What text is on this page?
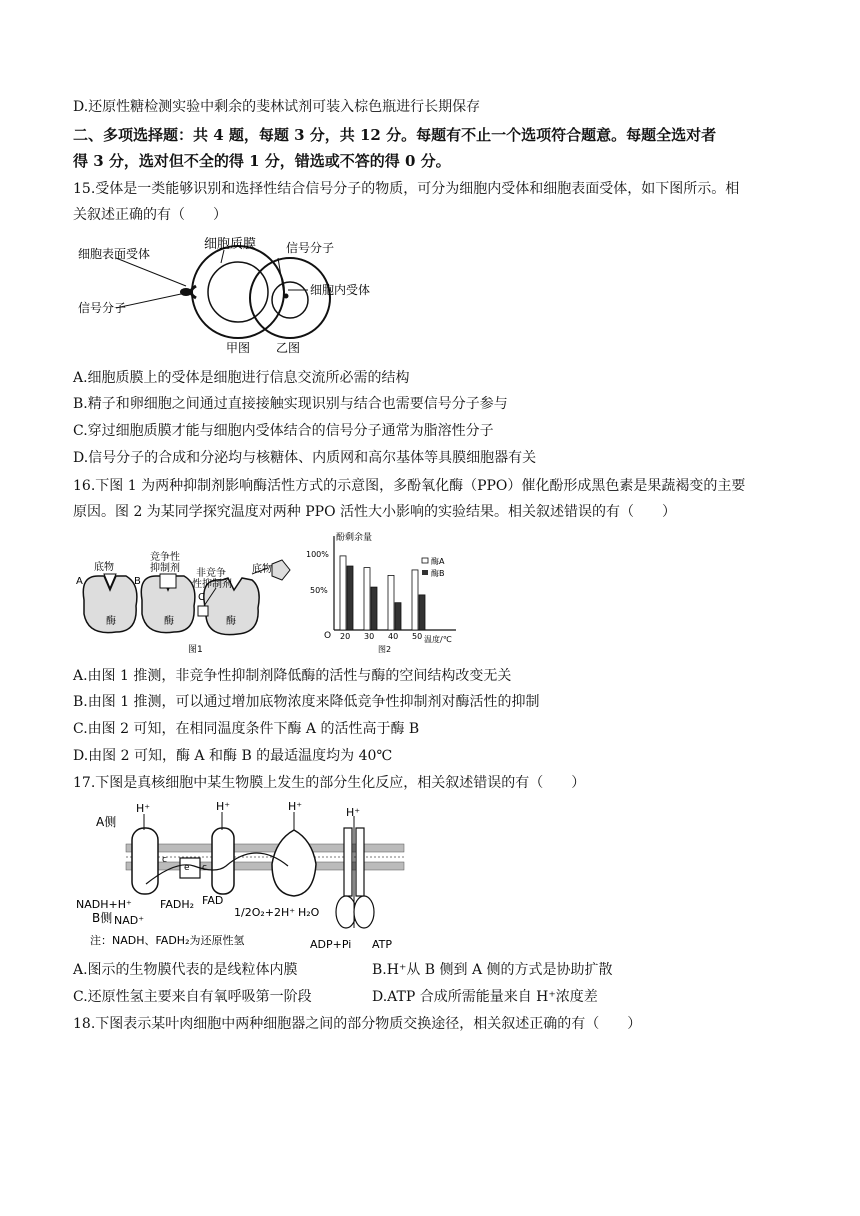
D.还原性糖检测实验中剩余的斐林试剂可装入棕色瓶进行长期保存
二、多项选择题：共 4 题，每题 3 分，共 12 分。每题有不止一个选项符合题意。每题全选对者
得 3 分，选对但不全的得 1 分，错选或不答的得 0 分。
15.受体是一类能够识别和选择性结合信号分子的物质，可分为细胞内受体和细胞表面受体，如下图所示。相
关叙述正确的有（　　）
细胞表面受体
细胞质膜
信号分子
甲图
信号分子
细胞内受体
乙图
A.细胞质膜上的受体是细胞进行信息交流所必需的结构
B.精子和卵细胞之间通过直接接触实现识别与结合也需要信号分子参与
C.穿过细胞质膜才能与细胞内受体结合的信号分子通常为脂溶性分子
D.信号分子的合成和分泌均与核糖体、内质网和高尔基体等具膜细胞器有关
16.下图 1 为两种抑制剂影响酶活性方式的示意图，多酚氧化酶（PPO）催化酚形成黑色素是果蔬褐变的主要
原因。图 2 为某同学探究温度对两种 PPO 活性大小影响的实验结果。相关叙述错误的有（　　）
底物
竞争性
抑制剂 非竞争
性抑制剂
底物
A	B
C
酶	酶	酶
图1
酚剩余量
100%
50%
O	温度/℃
酶A
酶B
20 30 40 50
图2
A.由图 1 推测，非竞争性抑制剂降低酶的活性与酶的空间结构改变无关
B.由图 1 推测，可以通过增加底物浓度来降低竞争性抑制剂对酶活性的抑制
C.由图 2 可知，在相同温度条件下酶 A 的活性高于酶 B
D.由图 2 可知，酶 A 和酶 B 的最适温度均为 40℃
17.下图是真核细胞中某生物膜上发生的部分生化反应，相关叙述错误的有（　　）
H⁺	H⁺	H⁺	H⁺
A侧
B侧
NADH+H⁺
NAD⁺
FADH₂ FAD
1/2O₂+2H⁺ H₂O
ADP+Pi ATP
注：NADH、FADH₂为还原性氢
c
c
e
A.图示的生物膜代表的是线粒体内膜	B.H⁺从 B 侧到 A 侧的方式是协助扩散
C.还原性氢主要来自有氧呼吸第一阶段	D.ATP 合成所需能量来自 H⁺浓度差
18.下图表示某叶肉细胞中两种细胞器之间的部分物质交换途径，相关叙述正确的有（　　）
